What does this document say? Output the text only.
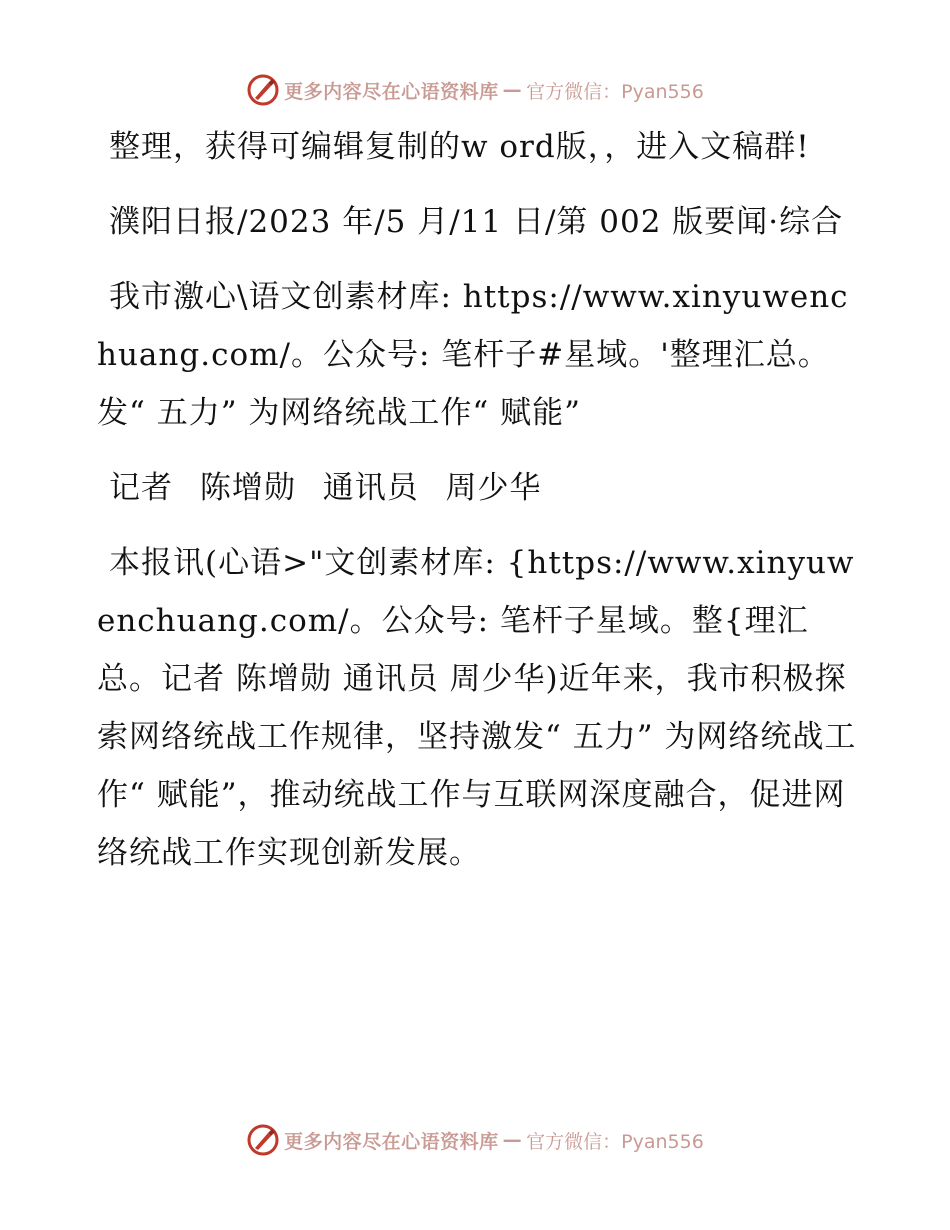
更多内容尽在心语资料库 — 官方微信：Pyan556

整理，获得可编辑复制的w ord版，，进入文稿群!

濮阳日报/2023 年/5 月/11 日/第 002 版要闻·综合

我市激心\语文创素材库: https://www.xinyuwenchuang.com/。公众号: 笔杆子#星域。'整理汇总。发“ 五力” 为网络统战工作“ 赋能”

记者 陈增勋 通讯员 周少华

本报讯(心语>"文创素材库: {https://www.xinyuwenchuang.com/。公众号: 笔杆子星域。整{理汇总。记者 陈增勋 通讯员 周少华)近年来，我市积极探索网络统战工作规律，坚持激发“ 五力” 为网络统战工作“ 赋能”，推动统战工作与互联网深度融合，促进网络统战工作实现创新发展。

更多内容尽在心语资料库 — 官方微信：Pyan556
